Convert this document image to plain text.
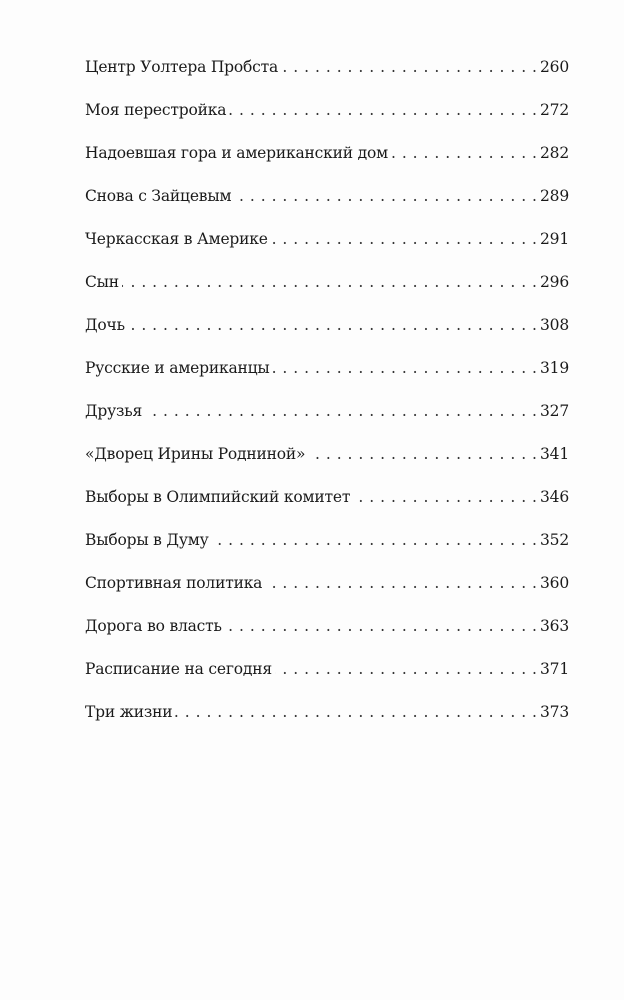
Центр Уолтера Пробста . . .	260
Моя перестройка . . .	272
Надоевшая гора и американский дом . . .	282
Снова с Зайцевым . . .	289
Черкасская в Америке . . .	291
Сын . . .	296
Дочь . . .	308
Русские и американцы . . .	319
Друзья . . .	327
«Дворец Ирины Родниной» . . .	341
Выборы в Олимпийский комитет . . .	346
Выборы в Думу . . .	352
Спортивная политика . . .	360
Дорога во власть . . .	363
Расписание на сегодня . . .	371
Три жизни . . .	373
